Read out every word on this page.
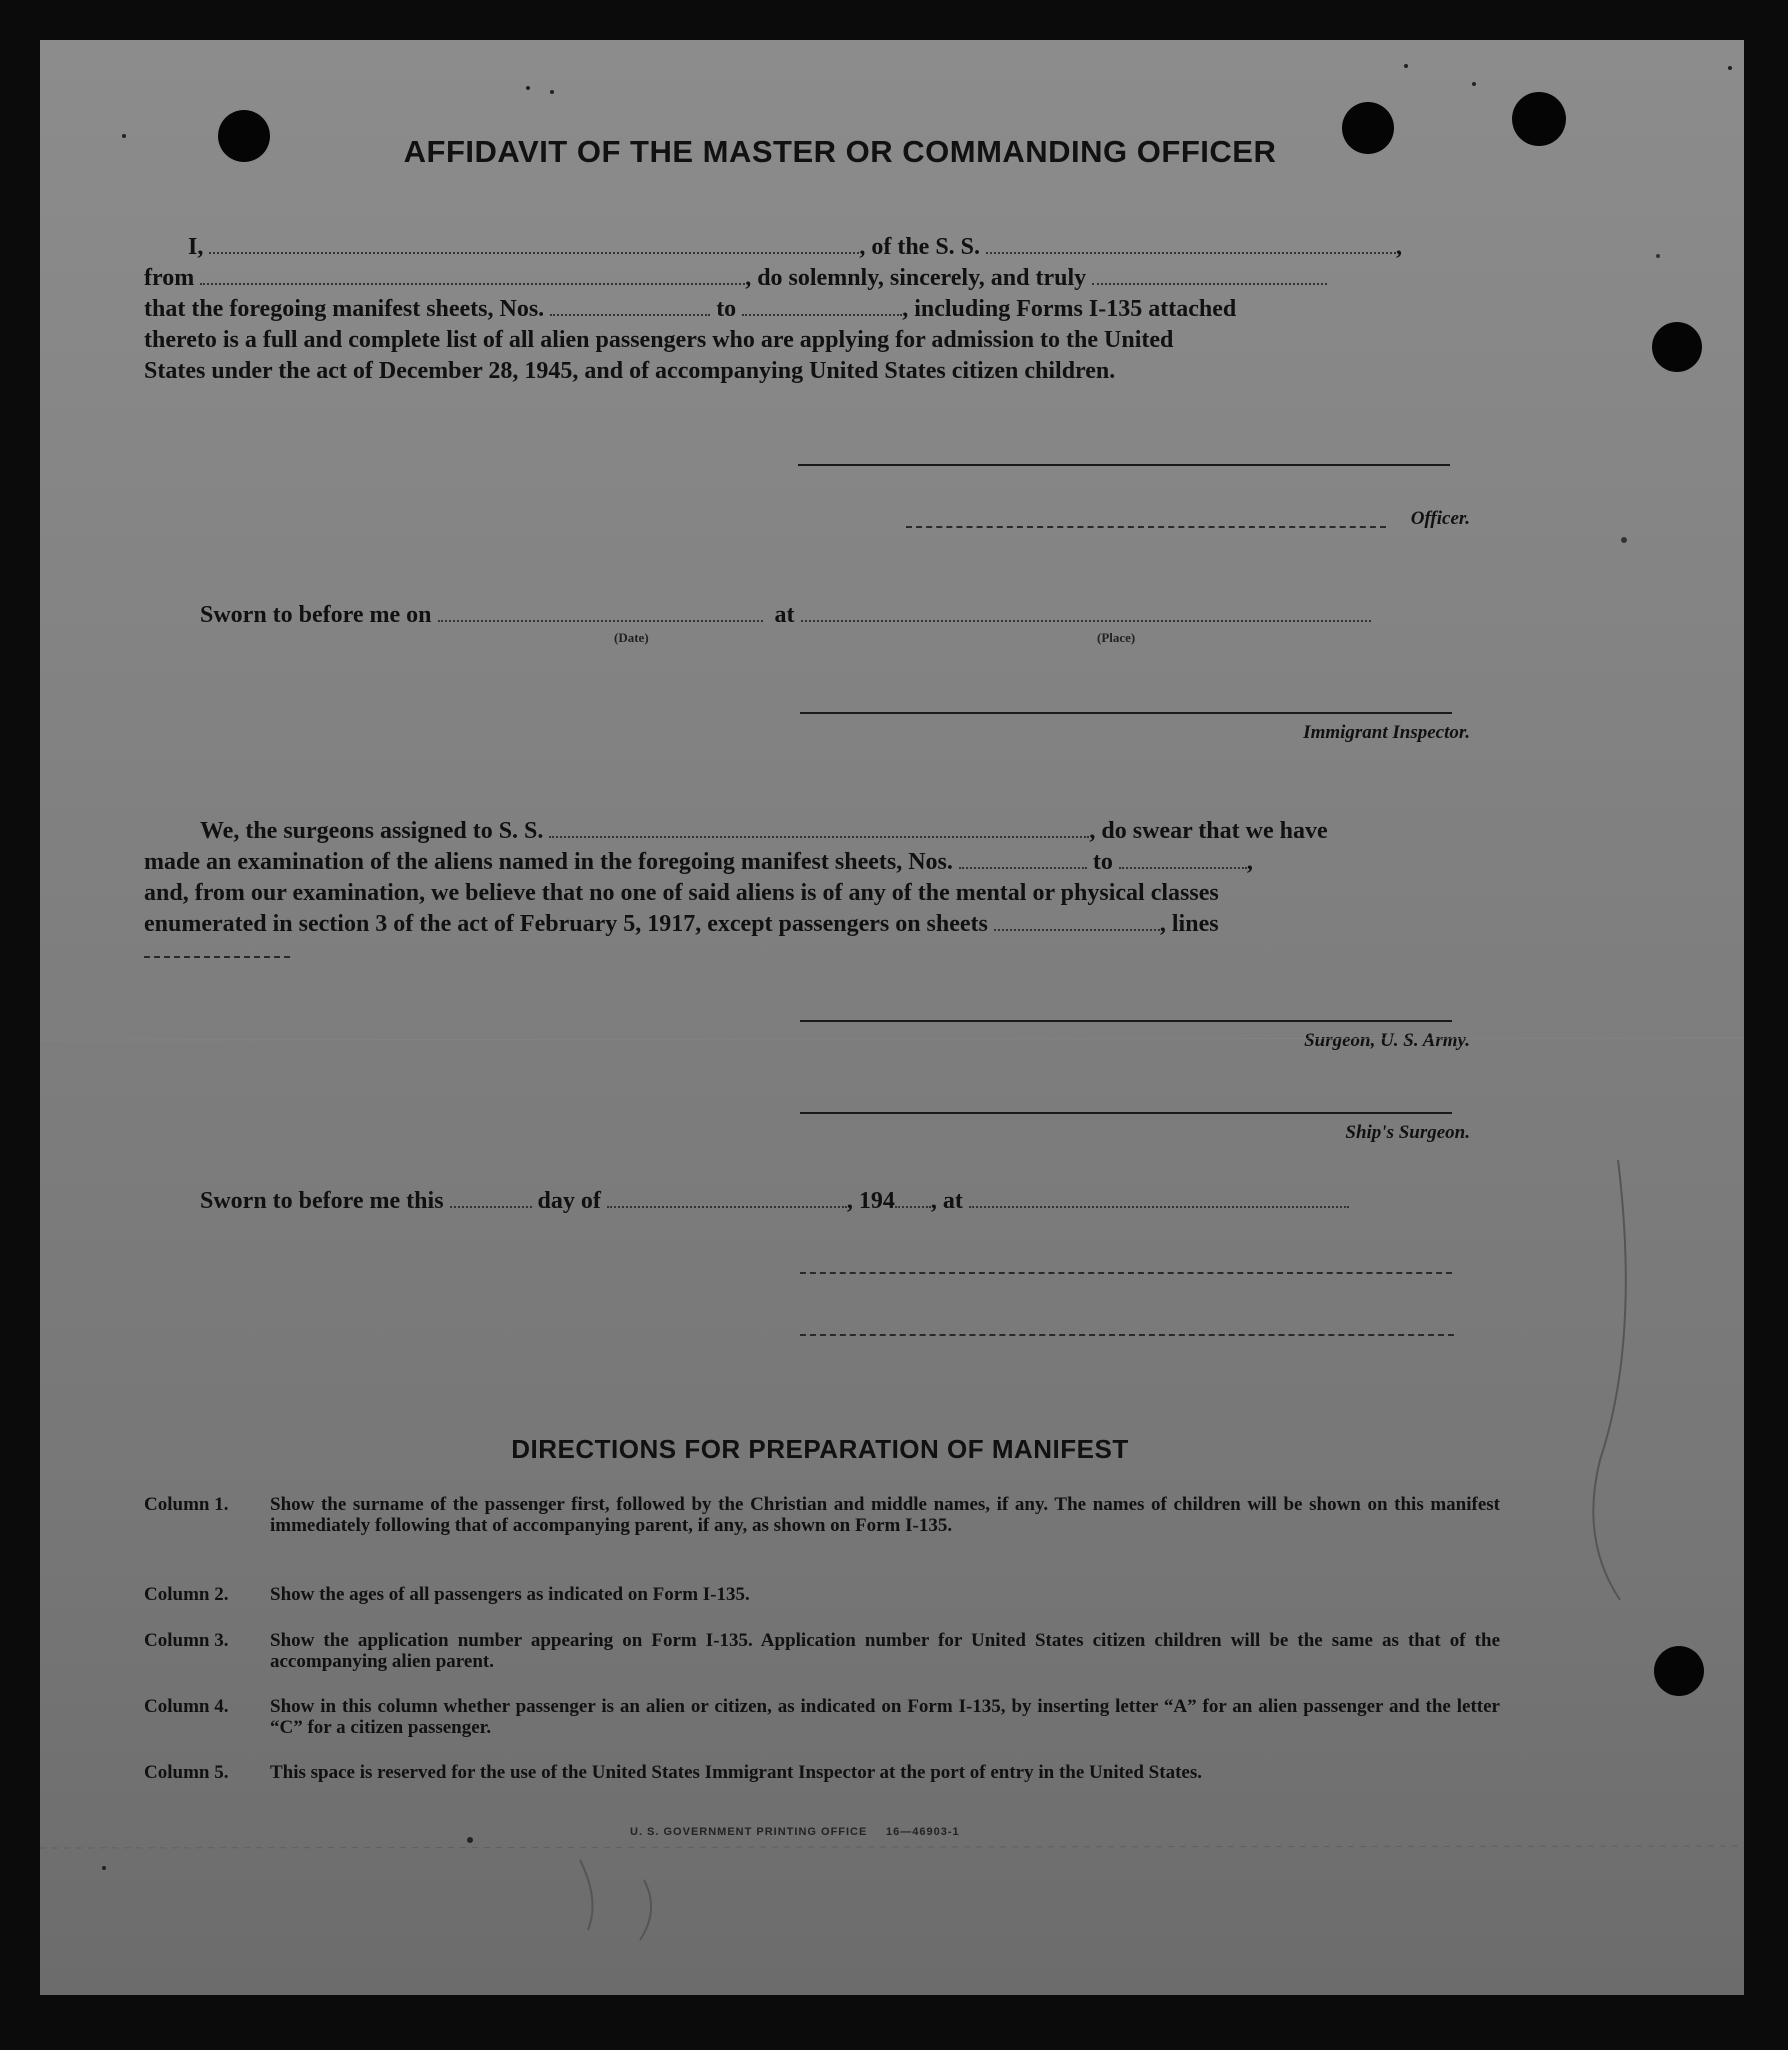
AFFIDAVIT OF THE MASTER OR COMMANDING OFFICER
I,	, of the S. S.	,
from	, do solemnly, sincerely, and truly
that the foregoing manifest sheets, Nos.	to	, including Forms I-135 attached
thereto is a full and complete list of all alien passengers who are applying for admission to the United
States under the act of December 28, 1945, and of accompanying United States citizen children.
Officer.
Sworn to before me on	at
(Date)	(Place)
Immigrant Inspector.
We, the surgeons assigned to S. S.	, do swear that we have
made an examination of the aliens named in the foregoing manifest sheets, Nos.	to	,
and, from our examination, we believe that no one of said aliens is of any of the mental or physical classes
enumerated in section 3 of the act of February 5, 1917, except passengers on sheets	, lines
Surgeon, U. S. Army.
Ship's Surgeon.
Sworn to before me this	day of	, 194 , at
DIRECTIONS FOR PREPARATION OF MANIFEST
Column 1.	Show the surname of the passenger first, followed by the Christian and middle names, if any. The names of children will be shown on this manifest immediately following that of accompanying parent, if any, as shown on Form I-135.
Column 2.	Show the ages of all passengers as indicated on Form I-135.
Column 3.	Show the application number appearing on Form I-135. Application number for United States citizen children will be the same as that of the accompanying alien parent.
Column 4.	Show in this column whether passenger is an alien or citizen, as indicated on Form I-135, by inserting letter “A” for an alien passenger and the letter “C” for a citizen passenger.
Column 5.	This space is reserved for the use of the United States Immigrant Inspector at the port of entry in the United States.
U. S. GOVERNMENT PRINTING OFFICE 16—46903-1
